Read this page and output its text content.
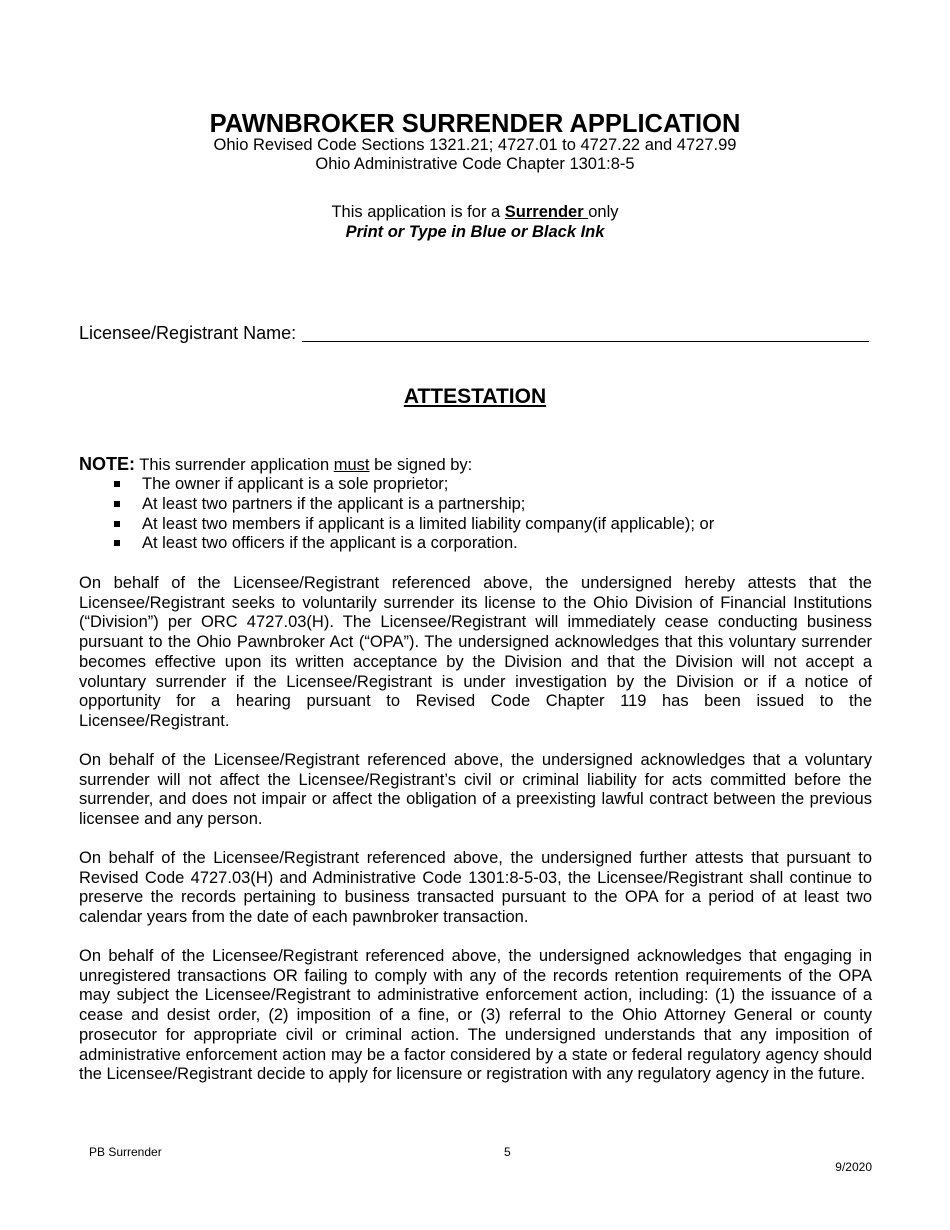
PAWNBROKER SURRENDER APPLICATION
Ohio Revised Code Sections 1321.21; 4727.01 to 4727.22 and 4727.99
Ohio Administrative Code Chapter 1301:8-5
This application is for a Surrender only
Print or Type in Blue or Black Ink
Licensee/Registrant Name:
ATTESTATION
NOTE: This surrender application must be signed by:
The owner if applicant is a sole proprietor;
At least two partners if the applicant is a partnership;
At least two members if applicant is a limited liability company(if applicable); or
At least two officers if the applicant is a corporation.

On behalf of the Licensee/Registrant referenced above, the undersigned hereby attests that the Licensee/Registrant seeks to voluntarily surrender its license to the Ohio Division of Financial Institutions (“Division”) per ORC 4727.03(H). The Licensee/Registrant will immediately cease conducting business pursuant to the Ohio Pawnbroker Act (“OPA”). The undersigned acknowledges that this voluntary surrender becomes effective upon its written acceptance by the Division and that the Division will not accept a voluntary surrender if the Licensee/Registrant is under investigation by the Division or if a notice of opportunity for a hearing pursuant to Revised Code Chapter 119 has been issued to the Licensee/Registrant.

On behalf of the Licensee/Registrant referenced above, the undersigned acknowledges that a voluntary surrender will not affect the Licensee/Registrant’s civil or criminal liability for acts committed before the surrender, and does not impair or affect the obligation of a preexisting lawful contract between the previous licensee and any person.

On behalf of the Licensee/Registrant referenced above, the undersigned further attests that pursuant to Revised Code 4727.03(H) and Administrative Code 1301:8-5-03, the Licensee/Registrant shall continue to preserve the records pertaining to business transacted pursuant to the OPA for a period of at least two calendar years from the date of each pawnbroker transaction.

On behalf of the Licensee/Registrant referenced above, the undersigned acknowledges that engaging in unregistered transactions OR failing to comply with any of the records retention requirements of the OPA may subject the Licensee/Registrant to administrative enforcement action, including: (1) the issuance of a cease and desist order, (2) imposition of a fine, or (3) referral to the Ohio Attorney General or county prosecutor for appropriate civil or criminal action. The undersigned understands that any imposition of administrative enforcement action may be a factor considered by a state or federal regulatory agency should the Licensee/Registrant decide to apply for licensure or registration with any regulatory agency in the future.

PB Surrender	5
9/2020
